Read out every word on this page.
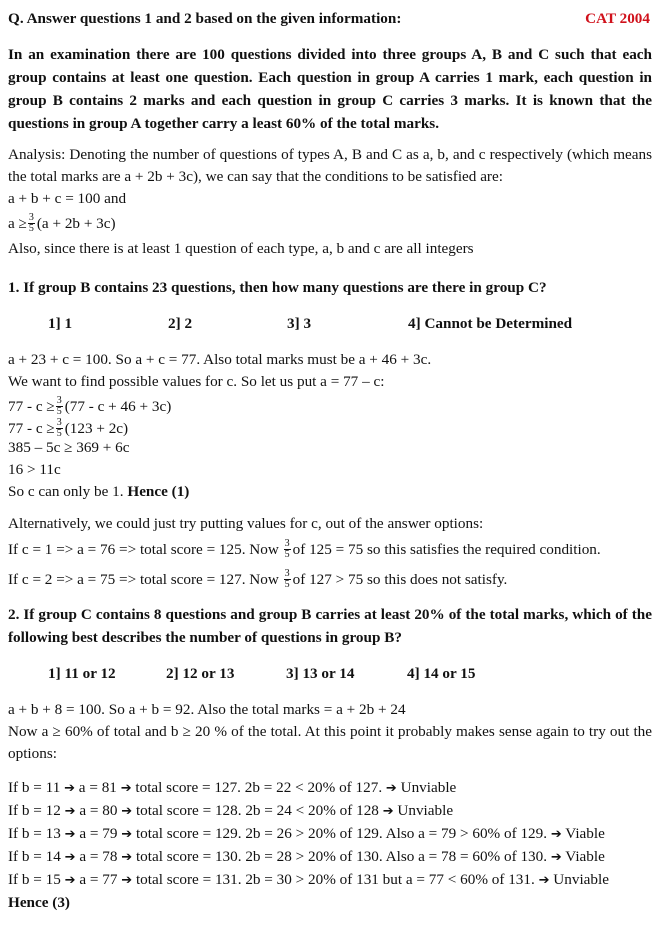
Q. Answer questions 1 and 2 based on the given information:	CAT 2004
In an examination there are 100 questions divided into three groups A, B and C such that each group contains at least one question. Each question in group A carries 1 mark, each question in group B contains 2 marks and each question in group C carries 3 marks. It is known that the questions in group A together carry a least 60% of the total marks.
Analysis: Denoting the number of questions of types A, B and C as a, b, and c respectively (which means the total marks are a + 2b + 3c), we can say that the conditions to be satisfied are:
a + b + c = 100 and
$a \ge \frac{3}{5} (a + 2b + 3c)$
Also, since there is at least 1 question of each type, a, b and c are all integers
1. If group B contains 23 questions, then how many questions are there in group C?
1] 1	2] 2	3] 3	4] Cannot be Determined
a + 23 + c = 100. So a + c = 77. Also total marks must be a + 46 + 3c.
We want to find possible values for c. So let us put a = 77 – c:
$77 - c \ge \frac{3}{5} (77 - c + 46 + 3c)$
$77 - c \ge \frac{3}{5} (123 + 2c)$
385 – 5c ≥ 369 + 6c
16 > 11c
So c can only be 1. Hence (1)
Alternatively, we could just try putting values for c, out of the answer options:
If c = 1 => a = 76 => total score = 125. Now $\frac{3}{5}$ of 125 = 75 so this satisfies the required condition.
If c = 2 => a = 75 => total score = 127. Now $\frac{3}{5}$ of 127 > 75 so this does not satisfy.
2. If group C contains 8 questions and group B carries at least 20% of the total marks, which of the following best describes the number of questions in group B?
1] 11 or 12	2] 12 or 13	3] 13 or 14	4] 14 or 15
a + b + 8 = 100. So a + b = 92. Also the total marks = a + 2b + 24
Now a ≥ 60% of total and b ≥ 20 % of the total. At this point it probably makes sense again to try out the options:
If b = 11 ➔ a = 81 ➔ total score = 127. 2b = 22 < 20% of 127. ➔ Unviable
If b = 12 ➔ a = 80 ➔ total score = 128. 2b = 24 < 20% of 128 ➔ Unviable
If b = 13 ➔ a = 79 ➔ total score = 129. 2b = 26 > 20% of 129. Also a = 79 > 60% of 129. ➔ Viable
If b = 14 ➔ a = 78 ➔ total score = 130. 2b = 28 > 20% of 130. Also a = 78 = 60% of 130. ➔ Viable
If b = 15 ➔ a = 77 ➔ total score = 131. 2b = 30 > 20% of 131 but a = 77 < 60% of 131. ➔ Unviable
Hence (3)
